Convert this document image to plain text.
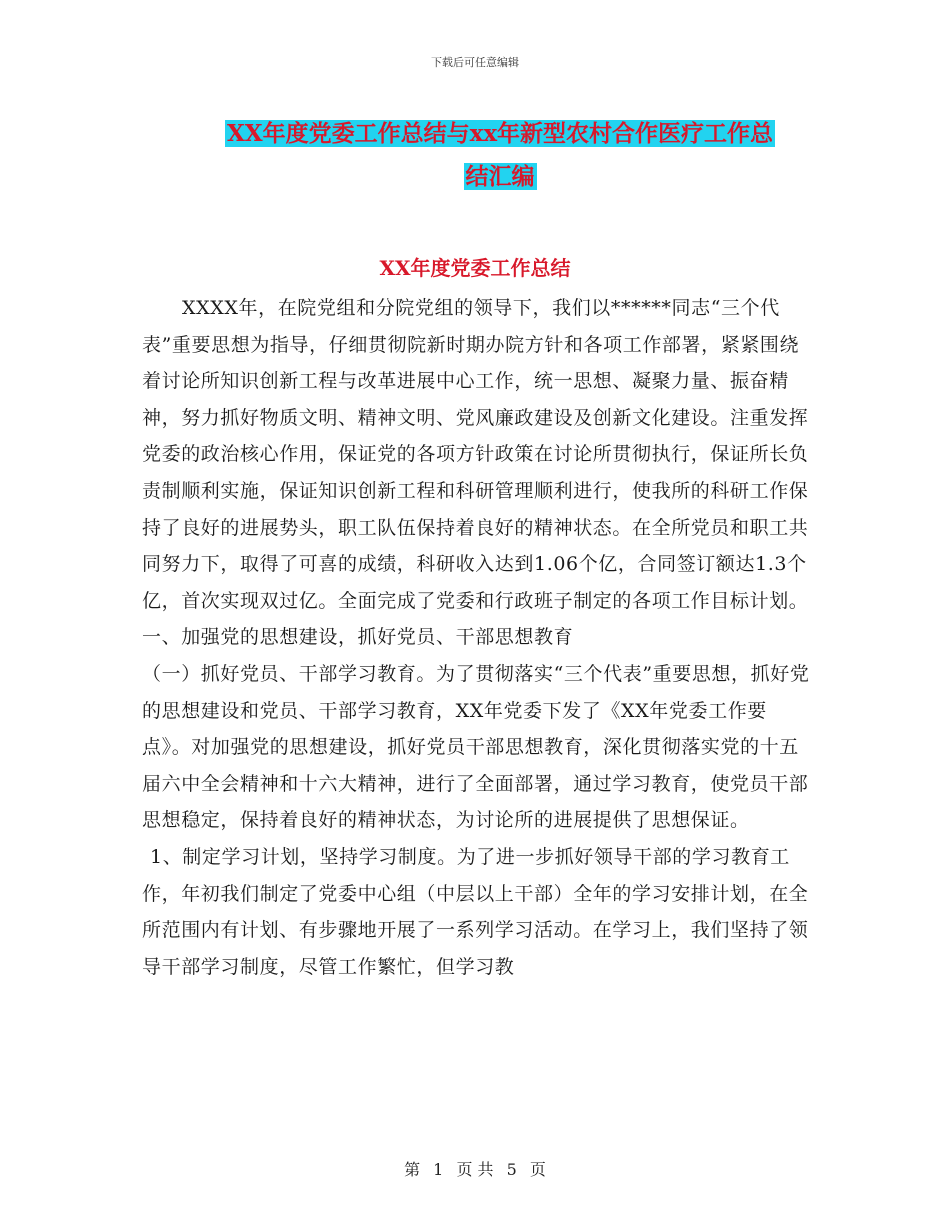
下载后可任意编辑
XX年度党委工作总结与xx年新型农村合作医疗工作总
结汇编
XX年度党委工作总结

XXXX年，在院党组和分院党组的领导下，我们以******同志“三个代表”重要思想为指导，仔细贯彻院新时期办院方针和各项工作部署，紧紧围绕着讨论所知识创新工程与改革进展中心工作，统一思想、凝聚力量、振奋精神，努力抓好物质文明、精神文明、党风廉政建设及创新文化建设。注重发挥党委的政治核心作用，保证党的各项方针政策在讨论所贯彻执行，保证所长负责制顺利实施，保证知识创新工程和科研管理顺利进行，使我所的科研工作保持了良好的进展势头，职工队伍保持着良好的精神状态。在全所党员和职工共同努力下，取得了可喜的成绩，科研收入达到1.06个亿，合同签订额达1.3个亿，首次实现双过亿。全面完成了党委和行政班子制定的各项工作目标计划。

一、加强党的思想建设，抓好党员、干部思想教育

（一）抓好党员、干部学习教育。为了贯彻落实“三个代表”重要思想，抓好党的思想建设和党员、干部学习教育，XX年党委下发了《XX年党委工作要点》。对加强党的思想建设，抓好党员干部思想教育，深化贯彻落实党的十五届六中全会精神和十六大精神，进行了全面部署，通过学习教育，使党员干部思想稳定，保持着良好的精神状态，为讨论所的进展提供了思想保证。

1、制定学习计划，坚持学习制度。为了进一步抓好领导干部的学习教育工作，年初我们制定了党委中心组（中层以上干部）全年的学习安排计划，在全所范围内有计划、有步骤地开展了一系列学习活动。在学习上，我们坚持了领导干部学习制度，尽管工作繁忙，但学习教

第 1 页 共 5 页
